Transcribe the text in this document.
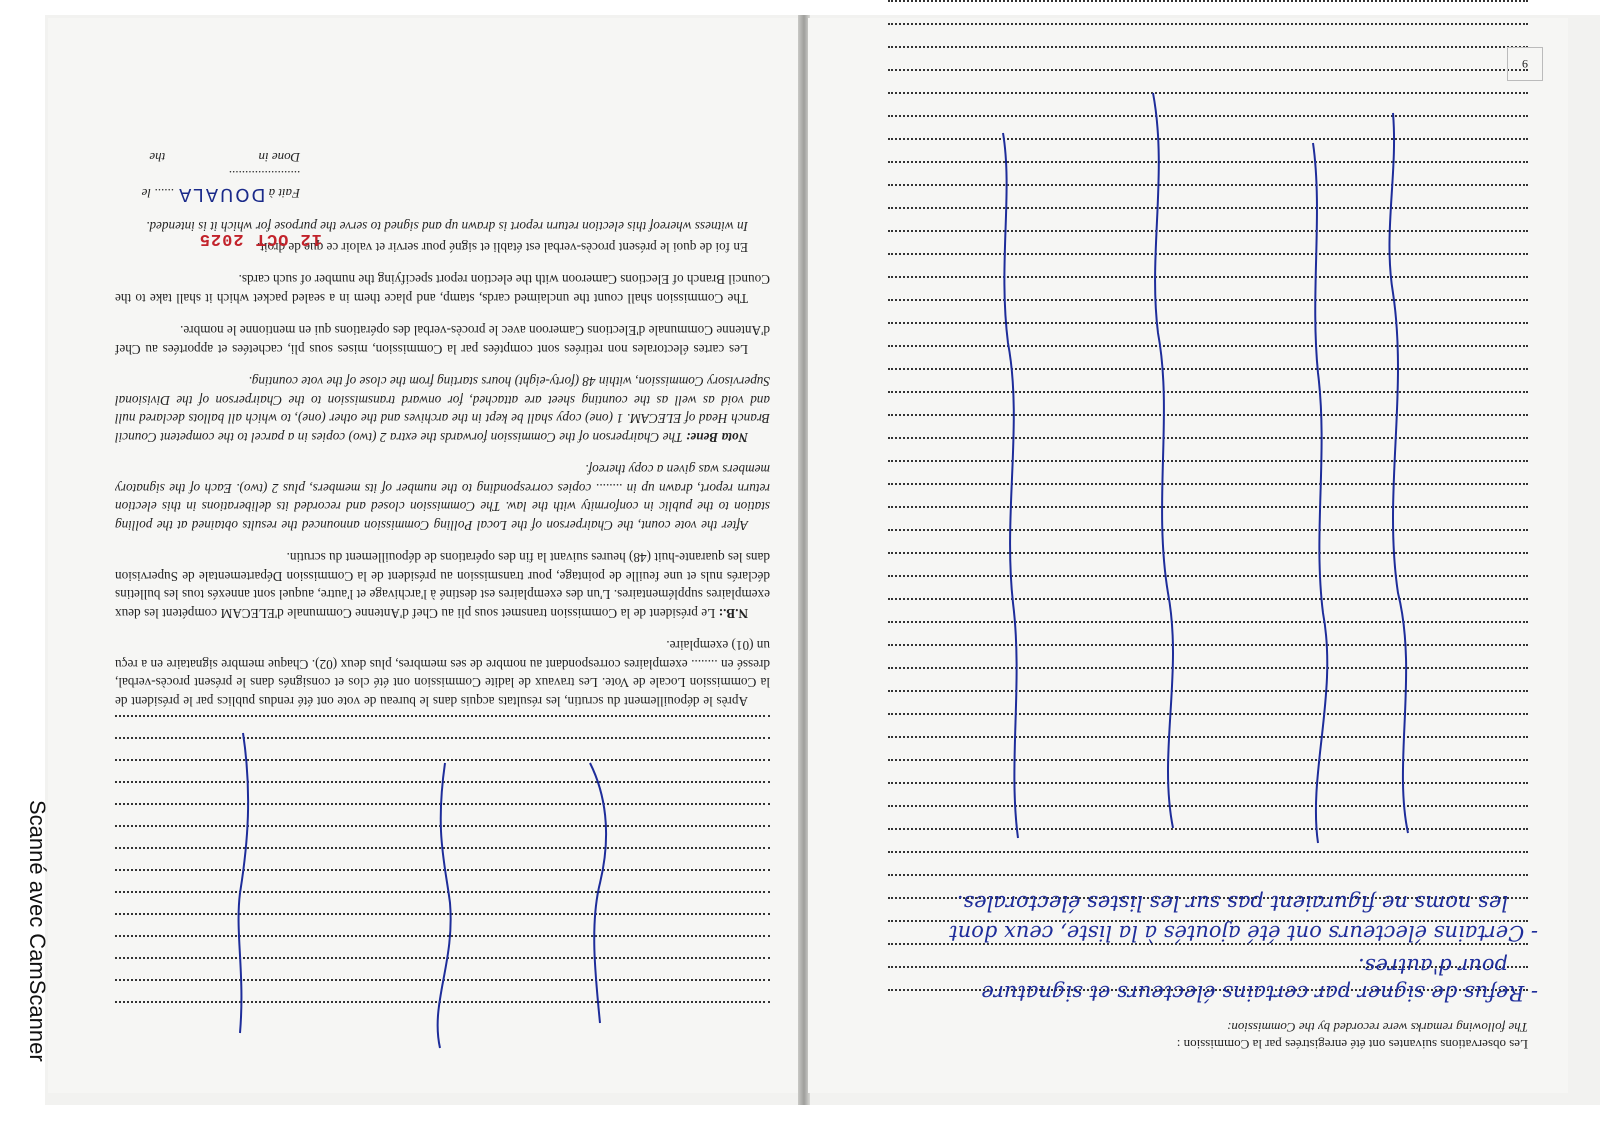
Après le dépouillement du scrutin, les résultats acquis dans le bureau de vote ont été rendus publics par le président de la Commission Locale de Vote. Les travaux de ladite Commission ont été clos et consignés dans le présent procès-verbal, dressé en ........ exemplaires correspondant au nombre de ses membres, plus deux (02). Chaque membre signataire en a reçu un (01) exemplaire.

N.B.: Le président de la Commission transmet sous pli au Chef d'Antenne Communale d'ELECAM compétent les deux exemplaires supplémentaires. L'un des exemplaires est destiné à l'archivage et l'autre, auquel sont annexés tous les bulletins déclarés nuls et une feuille de pointage, pour transmission au président de la Commission Départementale de Supervision dans les quarante-huit (48) heures suivant la fin des opérations de dépouillement du scrutin.

After the vote count, the Chairperson of the Local Polling Commission announced the results obtained at the polling station to the public in conformity with the law. The Commission closed and recorded its deliberations in this election return report, drawn up in ........ copies corresponding to the number of its members, plus 2 (two). Each of the signatory members was given a copy thereof.

Nota Bene: The Chairperson of the Commission forwards the extra 2 (two) copies in a parcel to the competent Council Branch Head of ELECAM. 1 (one) copy shall be kept in the archives and the other (one), to which all ballots declared null and void as well as the counting sheet are attached, for onward transmission to the Chairperson of the Divisional Supervisory Commission, within 48 (forty-eight) hours starting from the close of the vote counting.

Les cartes électorales non retirées sont comptées par la Commission, mises sous pli, cachetées et apportées au Chef d'Antenne Communale d'Elections Cameroon avec le procès-verbal des opérations qui en mentionne le nombre.

The Commission shall count the unclaimed cards, stamp, and place them in a sealed packet which it shall take to the Council Branch of Elections Cameroon with the election report specifying the number of such cards.

En foi de quoi le présent procès-verbal est établi et signé pour servir et valoir ce que de droit.

In witness whereof this election return report is drawn up and signed to serve the purpose for which it is intended.

Fait à DOUALA ...... le ......................
Done in the
12 OCT 2025
Les observations suivantes ont été enregistrées par la Commission :
The following remarks were recorded by the Commission:
- Refus de signer par certains électeurs et signature
pour d'autres.
- Certains électeurs ont été ajoutés à la liste, ceux dont
les noms ne figuraient pas sur les listes électorales.
9
Scanné avec CamScanner
